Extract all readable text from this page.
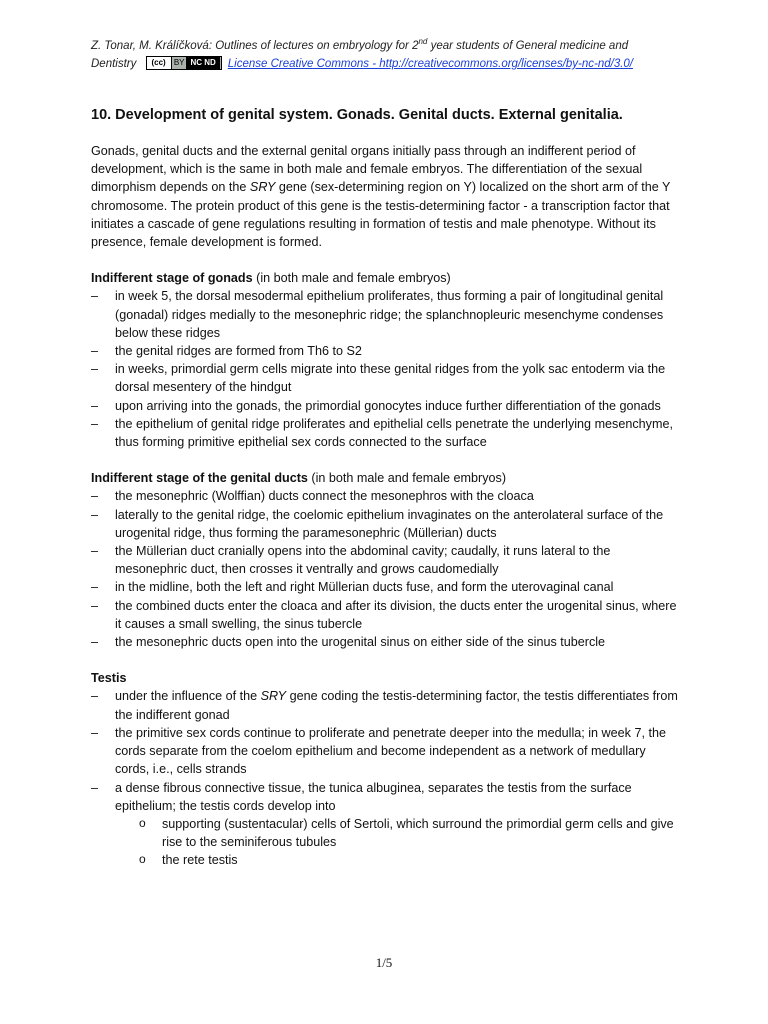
Z. Tonar, M. Králíčková: Outlines of lectures on embryology for 2nd year students of General medicine and
Dentistry (cc) BY NC ND License Creative Commons - http://creativecommons.org/licenses/by-nc-nd/3.0/
10. Development of genital system. Gonads. Genital ducts. External genitalia.

Gonads, genital ducts and the external genital organs initially pass through an indifferent period of development, which is the same in both male and female embryos. The differentiation of the sexual dimorphism depends on the SRY gene (sex-determining region on Y) localized on the short arm of the Y chromosome. The protein product of this gene is the testis-determining factor - a transcription factor that initiates a cascade of gene regulations resulting in formation of testis and male phenotype. Without its presence, female development is formed.

Indifferent stage of gonads (in both male and female embryos)

– in week 5, the dorsal mesodermal epithelium proliferates, thus forming a pair of longitudinal genital (gonadal) ridges medially to the mesonephric ridge; the splanchnopleuric mesenchyme condenses below these ridges
– the genital ridges are formed from Th6 to S2
– in weeks, primordial germ cells migrate into these genital ridges from the yolk sac entoderm via the dorsal mesentery of the hindgut
– upon arriving into the gonads, the primordial gonocytes induce further differentiation of the gonads
– the epithelium of genital ridge proliferates and epithelial cells penetrate the underlying mesenchyme, thus forming primitive epithelial sex cords connected to the surface

Indifferent stage of the genital ducts (in both male and female embryos)

– the mesonephric (Wolffian) ducts connect the mesonephros with the cloaca
– laterally to the genital ridge, the coelomic epithelium invaginates on the anterolateral surface of the urogenital ridge, thus forming the paramesonephric (Müllerian) ducts
– the Müllerian duct cranially opens into the abdominal cavity; caudally, it runs lateral to the mesonephric duct, then crosses it ventrally and grows caudomedially
– in the midline, both the left and right Müllerian ducts fuse, and form the uterovaginal canal
– the combined ducts enter the cloaca and after its division, the ducts enter the urogenital sinus, where it causes a small swelling, the sinus tubercle
– the mesonephric ducts open into the urogenital sinus on either side of the sinus tubercle

Testis

– under the influence of the SRY gene coding the testis-determining factor, the testis differentiates from the indifferent gonad
– the primitive sex cords continue to proliferate and penetrate deeper into the medulla; in week 7, the cords separate from the coelom epithelium and become independent as a network of medullary cords, i.e., cells strands
– a dense fibrous connective tissue, the tunica albuginea, separates the testis from the surface epithelium; the testis cords develop into
o supporting (sustentacular) cells of Sertoli, which surround the primordial germ cells and give rise to the seminiferous tubules
o the rete testis
1/5
